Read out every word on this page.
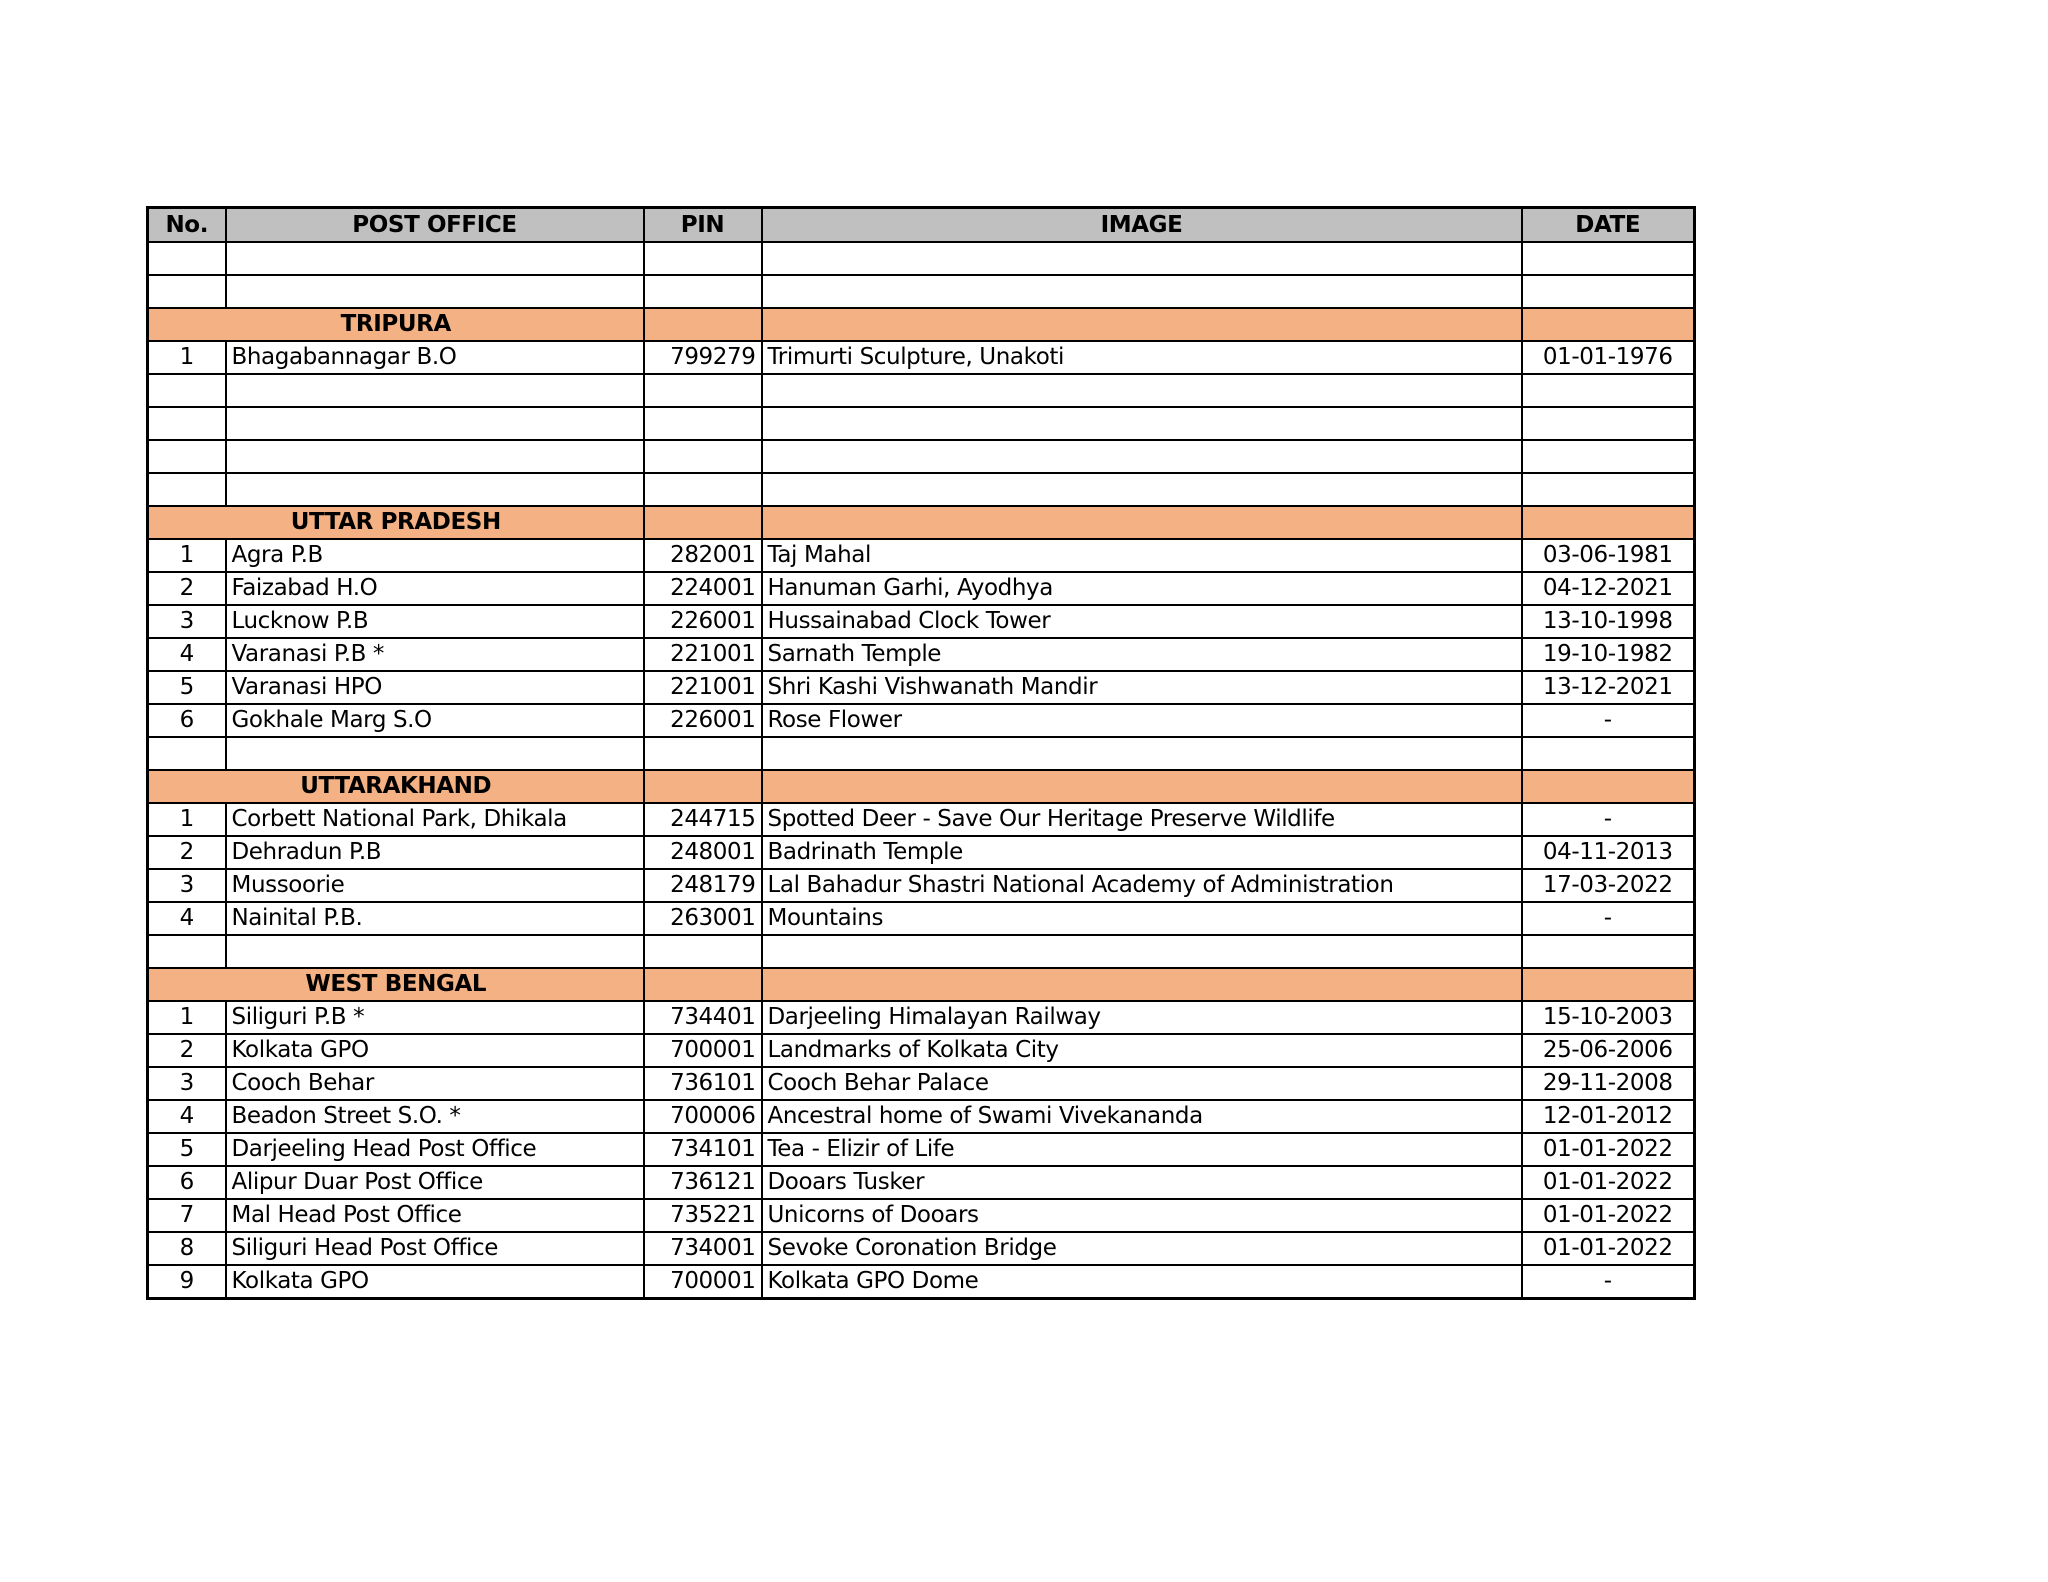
No.	POST OFFICE	PIN	IMAGE	DATE

TRIPURA				
1	Bhagabannagar B.O	799279	Trimurti Sculpture, Unakoti	01-01-1976

UTTAR PRADESH				
1	Agra P.B	282001	Taj Mahal	03-06-1981
2	Faizabad H.O	224001	Hanuman Garhi, Ayodhya	04-12-2021
3	Lucknow P.B	226001	Hussainabad Clock Tower	13-10-1998
4	Varanasi P.B *	221001	Sarnath Temple	19-10-1982
5	Varanasi HPO	221001	Shri Kashi Vishwanath Mandir	13-12-2021
6	Gokhale Marg S.O	226001	Rose Flower	-

UTTARAKHAND				
1	Corbett National Park, Dhikala	244715	Spotted Deer - Save Our Heritage Preserve Wildlife	-
2	Dehradun P.B	248001	Badrinath Temple	04-11-2013
3	Mussoorie	248179	Lal Bahadur Shastri National Academy of Administration	17-03-2022
4	Nainital P.B.	263001	Mountains	-

WEST BENGAL				
1	Siliguri P.B *	734401	Darjeeling Himalayan Railway	15-10-2003
2	Kolkata GPO	700001	Landmarks of Kolkata City	25-06-2006
3	Cooch Behar	736101	Cooch Behar Palace	29-11-2008
4	Beadon Street S.O. *	700006	Ancestral home of Swami Vivekananda	12-01-2012
5	Darjeeling Head Post Office	734101	Tea - Elizir of Life	01-01-2022
6	Alipur Duar Post Office	736121	Dooars Tusker	01-01-2022
7	Mal Head Post Office	735221	Unicorns of Dooars	01-01-2022
8	Siliguri Head Post Office	734001	Sevoke Coronation Bridge	01-01-2022
9	Kolkata GPO	700001	Kolkata GPO Dome	-
